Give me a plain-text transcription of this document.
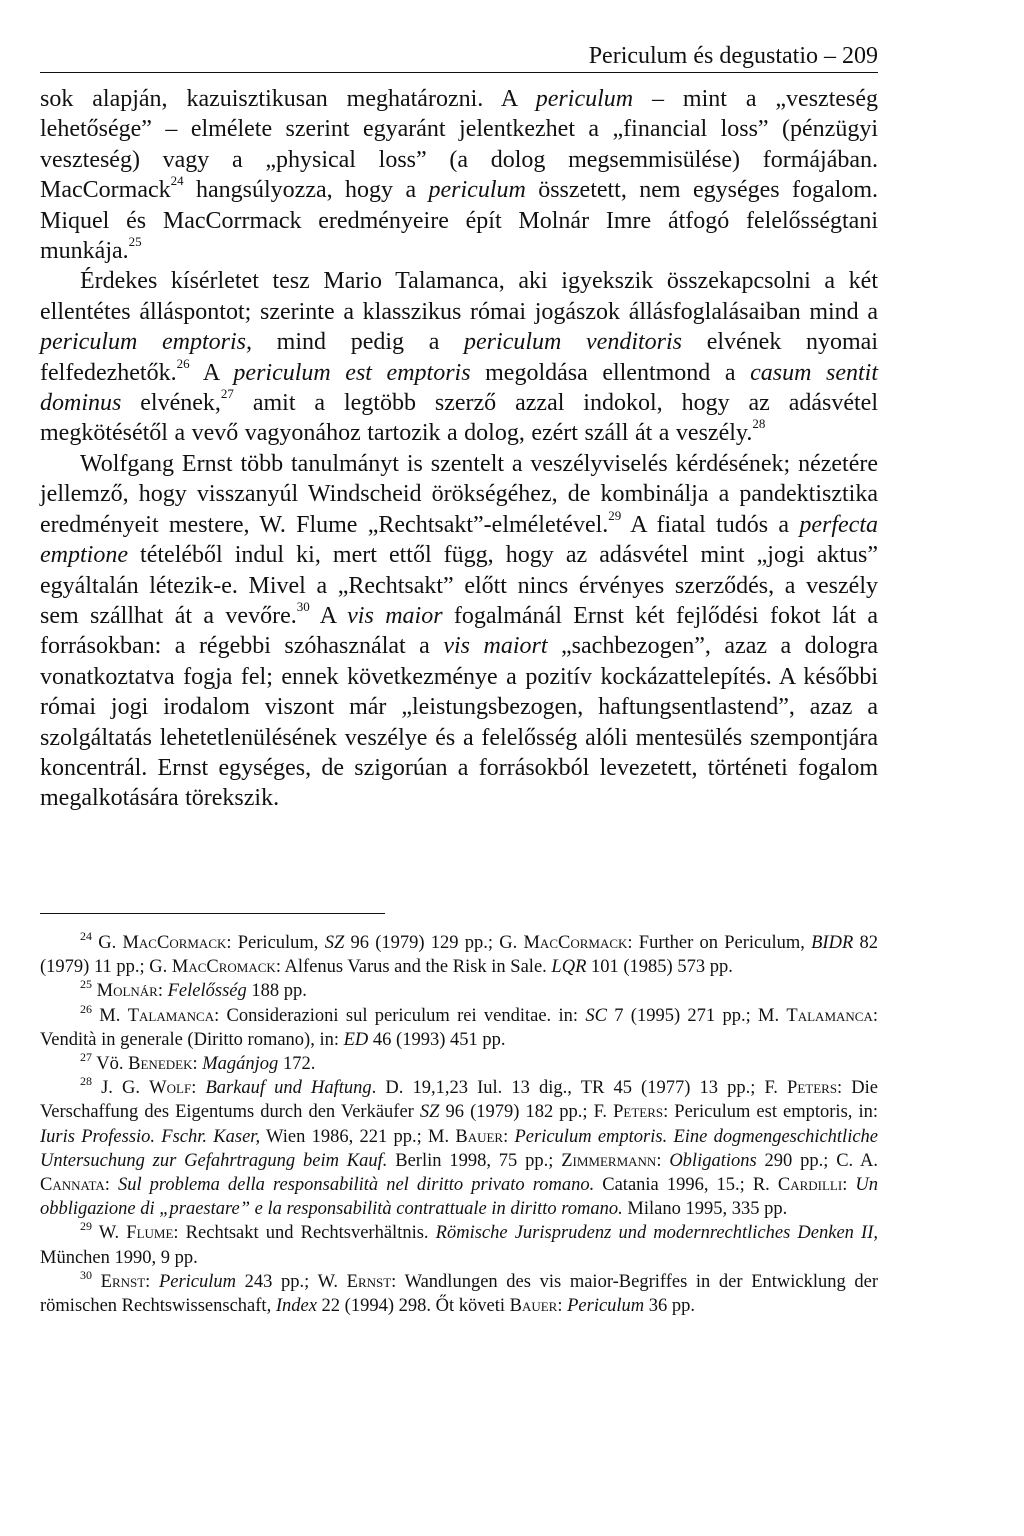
Periculum és degustatio – 209

sok alapján, kazuisztikusan meghatározni. A periculum – mint a „veszteség lehetősége” – elmélete szerint egyaránt jelentkezhet a „financial loss” (pénzügyi veszteség) vagy a „physical loss” (a dolog megsemmisülése) formájában. MacCormack$^{24}$ hangsúlyozza, hogy a periculum összetett, nem egységes fogalom. Miquel és MacCorrmack eredményeire épít Molnár Imre átfogó felelősségtani munkája.$^{25}$

Érdekes kísérletet tesz Mario Talamanca, aki igyekszik összekapcsolni a két ellentétes álláspontot; szerinte a klasszikus római jogászok állásfoglalásaiban mind a periculum emptoris, mind pedig a periculum venditoris elvének nyomai felfedezhetők.$^{26}$ A periculum est emptoris megoldása ellentmond a casum sentit dominus elvének,$^{27}$ amit a legtöbb szerző azzal indokol, hogy az adásvétel megkötésétől a vevő vagyonához tartozik a dolog, ezért száll át a veszély.$^{28}$

Wolfgang Ernst több tanulmányt is szentelt a veszélyviselés kérdésének; nézetére jellemző, hogy visszanyúl Windscheid örökségéhez, de kombinálja a pandektisztika eredményeit mestere, W. Flume „Rechtsakt”-elméletével.$^{29}$ A fiatal tudós a perfecta emptione tételéből indul ki, mert ettől függ, hogy az adásvétel mint „jogi aktus” egyáltalán létezik-e. Mivel a „Rechtsakt” előtt nincs érvényes szerződés, a veszély sem szállhat át a vevőre.$^{30}$ A vis maior fogalmánál Ernst két fejlődési fokot lát a forrásokban: a régebbi szóhasználat a vis maiort „sachbezogen”, azaz a dologra vonatkoztatva fogja fel; ennek következménye a pozitív kockázattelepítés. A későbbi római jogi irodalom viszont már „leistungsbezogen, haftungsentlastend”, azaz a szolgáltatás lehetetlenülésének veszélye és a felelősség alóli mentesülés szempontjára koncentrál. Ernst egységes, de szigorúan a forrásokból levezetett, történeti fogalom megalkotására törekszik.

$^{24}$ G. MacCormack: Periculum, SZ 96 (1979) 129 pp.; G. MacCormack: Further on Periculum, BIDR 82 (1979) 11 pp.; G. MacCromack: Alfenus Varus and the Risk in Sale. LQR 101 (1985) 573 pp.

$^{25}$ Molnár: Felelősség 188 pp.

$^{26}$ M. Talamanca: Considerazioni sul periculum rei venditae. in: SC 7 (1995) 271 pp.; M. Talamanca: Vendità in generale (Diritto romano), in: ED 46 (1993) 451 pp.

$^{27}$ Vö. Benedek: Magánjog 172.

$^{28}$ J. G. Wolf: Barkauf und Haftung. D. 19,1,23 Iul. 13 dig., TR 45 (1977) 13 pp.; F. Peters: Die Verschaffung des Eigentums durch den Verkäufer SZ 96 (1979) 182 pp.; F. Peters: Periculum est emptoris, in: Iuris Professio. Fschr. Kaser, Wien 1986, 221 pp.; M. Bauer: Periculum emptoris. Eine dogmengeschichtliche Untersuchung zur Gefahrtragung beim Kauf. Berlin 1998, 75 pp.; Zimmermann: Obligations 290 pp.; C. A. Cannata: Sul problema della responsabilità nel diritto privato romano. Catania 1996, 15.; R. Cardilli: Un obbligazione di „praestare” e la responsabilità contrattuale in diritto romano. Milano 1995, 335 pp.

$^{29}$ W. Flume: Rechtsakt und Rechtsverhältnis. Römische Jurisprudenz und modernrechtliches Denken II, München 1990, 9 pp.

$^{30}$ Ernst: Periculum 243 pp.; W. Ernst: Wandlungen des vis maior-Begriffes in der Entwicklung der römischen Rechtswissenschaft, Index 22 (1994) 298. Őt követi Bauer: Periculum 36 pp.
